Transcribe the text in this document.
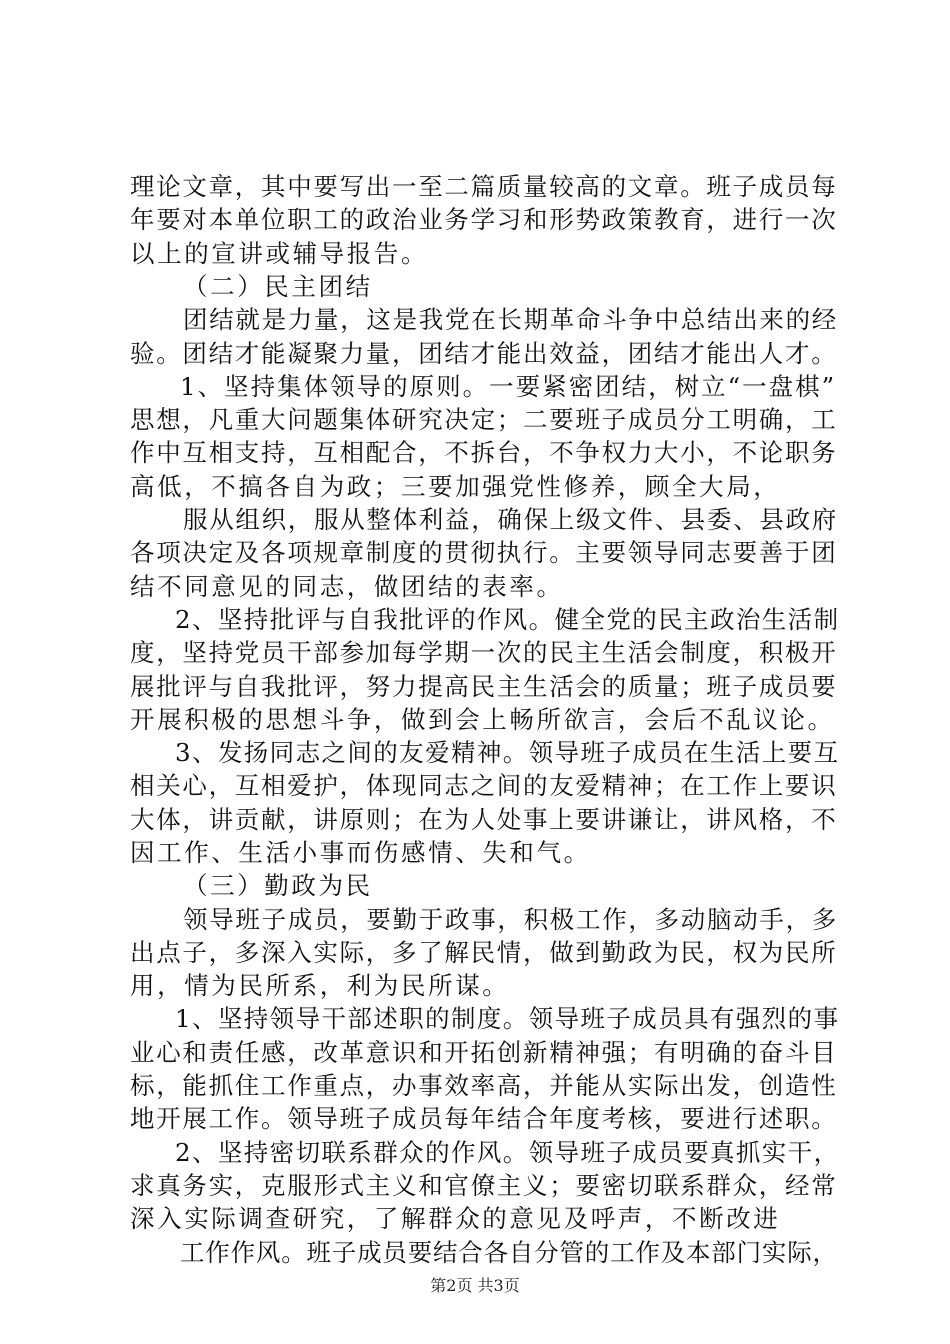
理论文章，其中要写出一至二篇质量较高的文章。班子成员每
年要对本单位职工的政治业务学习和形势政策教育，进行一次
以上的宣讲或辅导报告。
（二）民主团结
团结就是力量，这是我党在长期革命斗争中总结出来的经
验。团结才能凝聚力量，团结才能出效益，团结才能出人才。
1、坚持集体领导的原则。一要紧密团结，树立“一盘棋”
思想，凡重大问题集体研究决定；二要班子成员分工明确，工
作中互相支持，互相配合，不拆台，不争权力大小，不论职务
高低，不搞各自为政；三要加强党性修养，顾全大局，
服从组织，服从整体利益，确保上级文件、县委、县政府
各项决定及各项规章制度的贯彻执行。主要领导同志要善于团
结不同意见的同志，做团结的表率。
2、坚持批评与自我批评的作风。健全党的民主政治生活制
度，坚持党员干部参加每学期一次的民主生活会制度，积极开
展批评与自我批评，努力提高民主生活会的质量；班子成员要
开展积极的思想斗争，做到会上畅所欲言，会后不乱议论。
3、发扬同志之间的友爱精神。领导班子成员在生活上要互
相关心，互相爱护，体现同志之间的友爱精神；在工作上要识
大体，讲贡献，讲原则；在为人处事上要讲谦让，讲风格，不
因工作、生活小事而伤感情、失和气。
（三）勤政为民
领导班子成员，要勤于政事，积极工作，多动脑动手，多
出点子，多深入实际，多了解民情，做到勤政为民，权为民所
用，情为民所系，利为民所谋。
1、坚持领导干部述职的制度。领导班子成员具有强烈的事
业心和责任感，改革意识和开拓创新精神强；有明确的奋斗目
标，能抓住工作重点，办事效率高，并能从实际出发，创造性
地开展工作。领导班子成员每年结合年度考核，要进行述职。
2、坚持密切联系群众的作风。领导班子成员要真抓实干，
求真务实，克服形式主义和官僚主义；要密切联系群众，经常
深入实际调查研究，了解群众的意见及呼声，不断改进
工作作风。班子成员要结合各自分管的工作及本部门实际，
第2页 共3页
